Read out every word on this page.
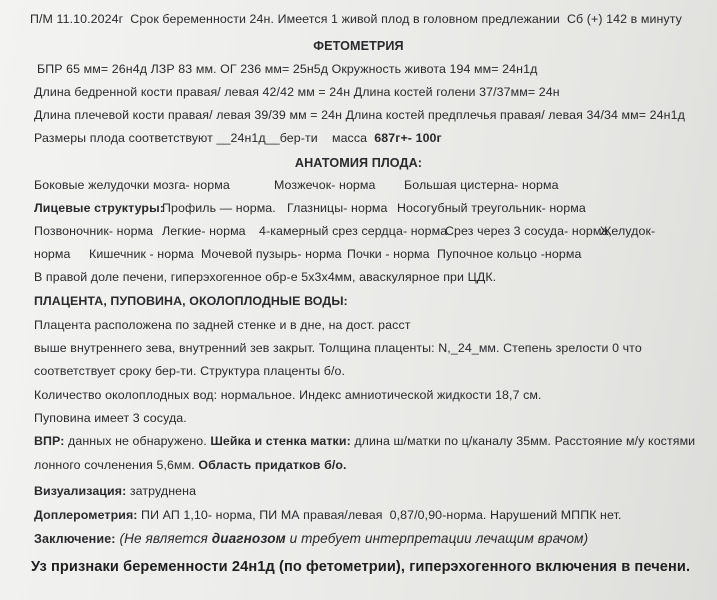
П/М 11.10.2024г  Срок беременности 24н. Имеется 1 живой плод в головном предлежании Сб (+) 142 в минуту
ФЕТОМЕТРИЯ
БПР 65 мм= 26н4д ЛЗР 83 мм. ОГ 236 мм= 25н5д Окружность живота 194 мм= 24н1д
Длина бедренной кости правая/ левая 42/42 мм = 24н Длина костей голени 37/37мм= 24н
Длина плечевой кости правая/ левая 39/39 мм = 24н Длина костей предплечья правая/ левая 34/34 мм= 24н1д
Размеры плода соответствуют __24н1д__бер-ти    масса  687г+- 100г
АНАТОМИЯ ПЛОДА:
Боковые желудочки мозга- норма	Мозжечок- норма Большая цистерна- норма
Лицевые структуры:
Профиль — норма. Глазницы- норма Носогубный треугольник- норма
Позвоночник- норма Легкие- норма 4-камерный срез сердца- норма
Срез через 3 сосуда- норма,
Желудок-
норма Кишечник - норма Мочевой пузырь- норма Почки - норма Пупочное кольцо -норма
В правой доле печени, гиперэхогенное обр-е 5х3х4мм, аваскулярное при ЦДК.
ПЛАЦЕНТА, ПУПОВИНА, ОКОЛОПЛОДНЫЕ ВОДЫ:
Плацента расположена по задней стенке и в дне, на дост. расст
выше внутреннего зева, внутренний зев закрыт. Толщина плаценты: N,_24_мм. Степень зрелости 0 что
соответствует сроку бер-ти. Структура плаценты б/о.
Количество околоплодных вод: нормальное. Индекс амниотической жидкости 18,7 см.
Пуповина имеет 3 сосуда.
ВПР: данных не обнаружено. Шейка и стенка матки: длина ш/матки по ц/каналу 35мм. Расстояние м/у костями
лонного сочленения 5,6мм. Область придатков б/о.
Визуализация: затруднена
Доплерометрия: ПИ АП 1,10- норма, ПИ МА правая/левая  0,87/0,90-норма. Нарушений МППК нет.
Заключение: (Не является диагнозом и требует интерпретации лечащим врачом)
Уз признаки беременности 24н1д (по фетометрии), гиперэхогенного включения в печени.
